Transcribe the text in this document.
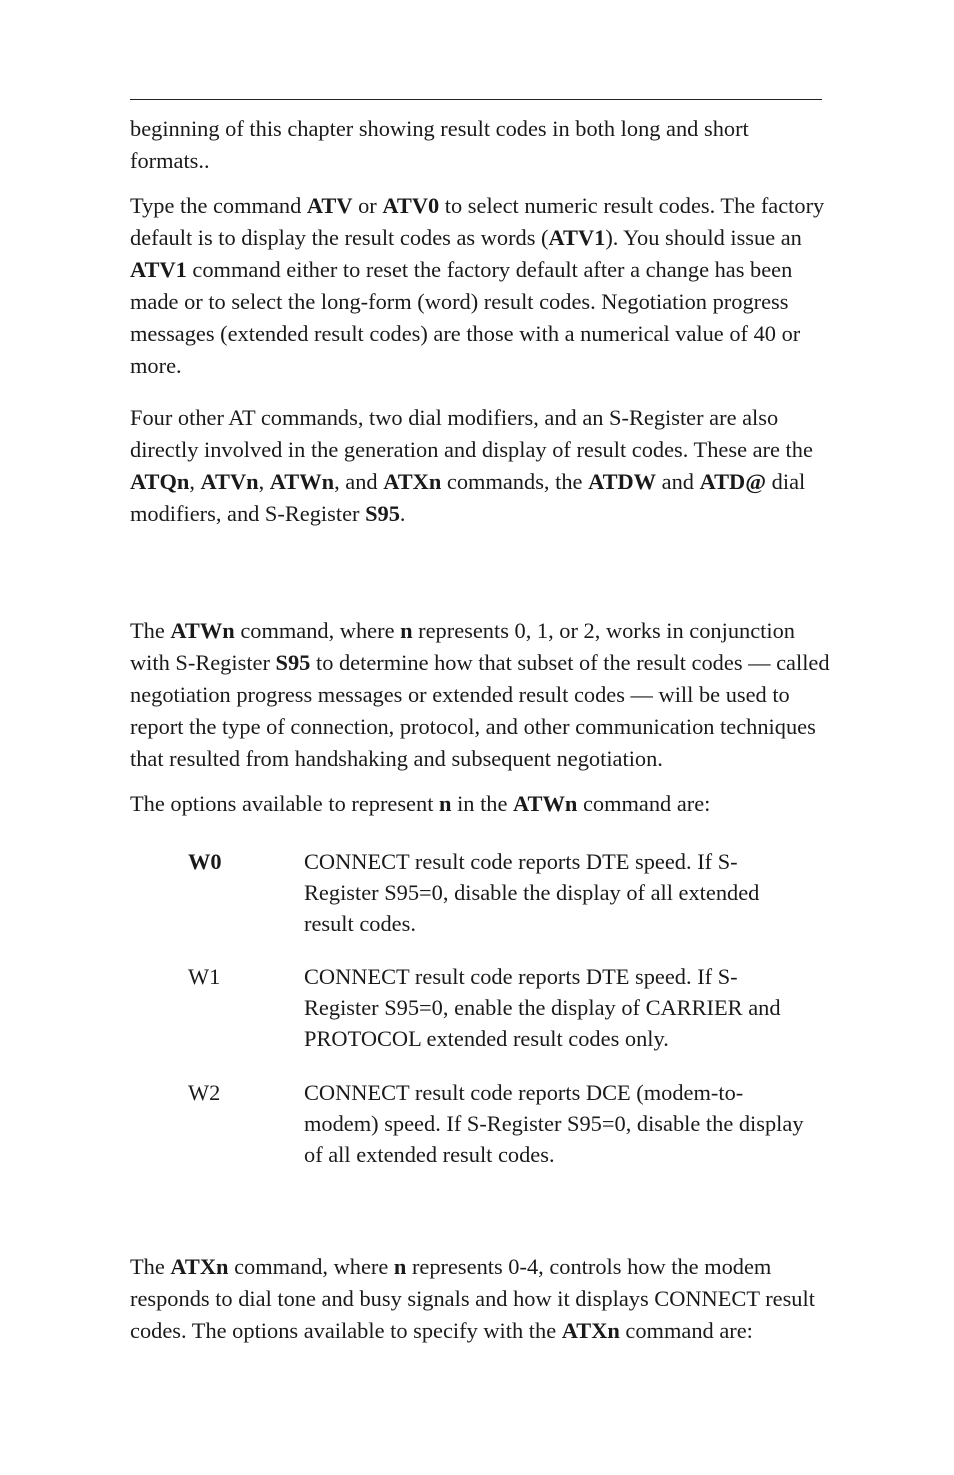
beginning of this chapter showing result codes in both long and short
formats..

Type the command ATV or ATV0 to select numeric result codes. The factory default is to display the result codes as words (ATV1). You should issue an ATV1 command either to reset the factory default after a change has been made or to select the long-form (word) result codes. Negotiation progress messages (extended result codes) are those with a numerical value of 40 or more.

Four other AT commands, two dial modifiers, and an S-Register are also directly involved in the generation and display of result codes. These are the ATQn, ATVn, ATWn, and ATXn commands, the ATDW and ATD@ dial modifiers, and S-Register S95.

The ATWn command, where n represents 0, 1, or 2, works in conjunction with S-Register S95 to determine how that subset of the result codes — called negotiation progress messages or extended result codes — will be used to report the type of connection, protocol, and other communication techniques that resulted from handshaking and subsequent negotiation.

The options available to represent n in the ATWn command are:

W0	CONNECT result code reports DTE speed. If S-
Register S95=0, disable the display of all extended
result codes.
W1	CONNECT result code reports DTE speed. If S-
Register S95=0, enable the display of CARRIER and
PROTOCOL extended result codes only.
W2	CONNECT result code reports DCE (modem-to-
modem) speed. If S-Register S95=0, disable the display
of all extended result codes.

The ATXn command, where n represents 0-4, controls how the modem responds to dial tone and busy signals and how it displays CONNECT result codes. The options available to specify with the ATXn command are:
